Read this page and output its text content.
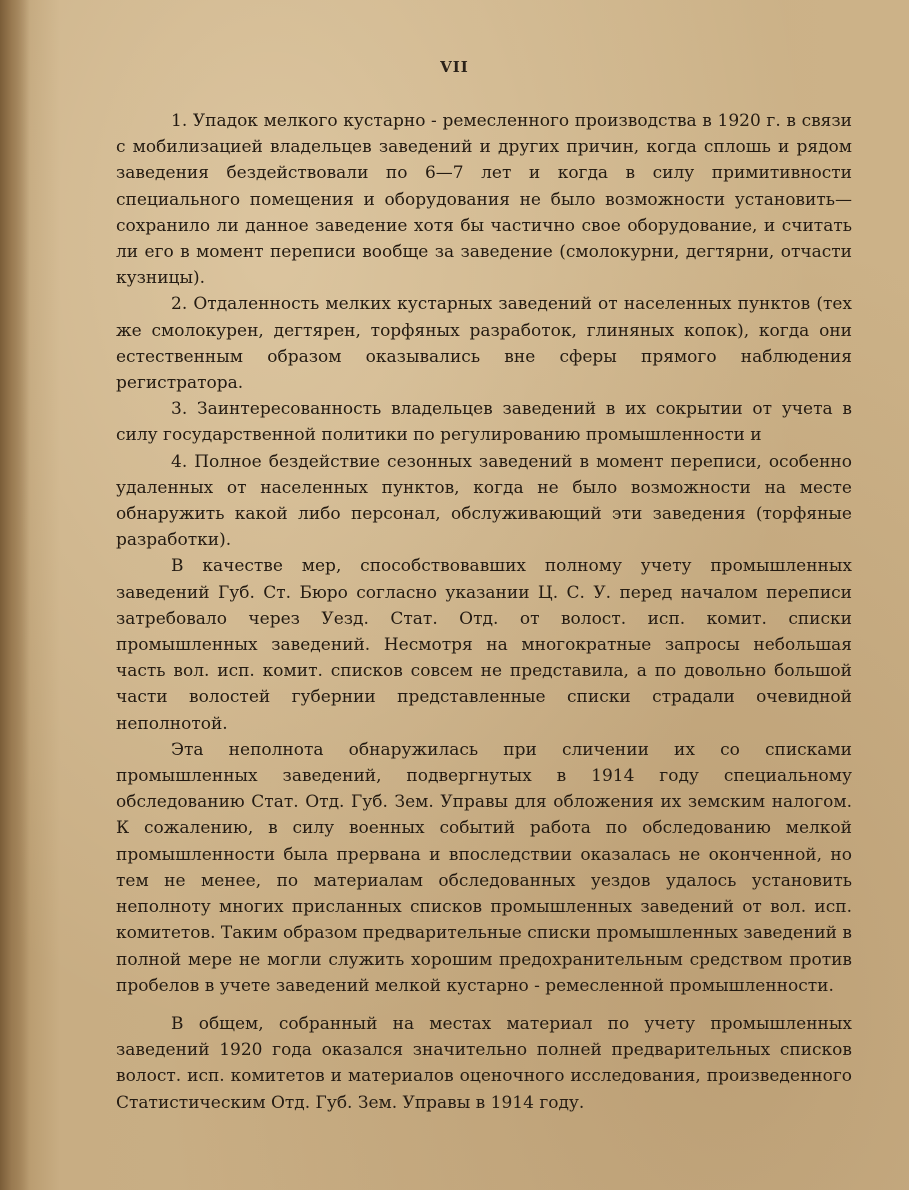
VII

1. Упадок мелкого кустарно - ремесленного производства в 1920 г. в связи с мобилизацией владельцев заведений и других причин, когда сплошь и рядом заведения бездействовали по 6—7 лет и когда в силу примитивности специального помещения и оборудования не было возможности установить—сохранило ли данное заведение хотя бы частично свое оборудование, и считать ли его в момент переписи вообще за заведение (смолокурни, дегтярни, отчасти кузницы).

2. Отдаленность мелких кустарных заведений от населенных пунктов (тех же смолокурен, дегтярен, торфяных разработок, глиняных копок), когда они естественным образом оказывались вне сферы прямого наблюдения регистратора.

3. Заинтересованность владельцев заведений в их сокрытии от учета в силу государственной политики по регулированию промышленности и

4. Полное бездействие сезонных заведений в момент переписи, особенно удаленных от населенных пунктов, когда не было возможности на месте обнаружить какой либо персонал, обслуживающий эти заведения (торфяные разработки).

В качестве мер, способствовавших полному учету промышленных заведений Губ. Ст. Бюро согласно указании Ц. С. У. перед началом переписи затребовало через Уезд. Стат. Отд. от волост. исп. комит. списки промышленных заведений. Несмотря на многократные запросы небольшая часть вол. исп. комит. списков совсем не представила, а по довольно большой части волостей губернии представленные списки страдали очевидной неполнотой.

Эта неполнота обнаружилась при сличении их со списками промышленных заведений, подвергнутых в 1914 году специальному обследованию Стат. Отд. Губ. Зем. Управы для обложения их земским налогом. К сожалению, в силу военных событий работа по обследованию мелкой промышленности была прервана и впоследствии оказалась не оконченной, но тем не менее, по материалам обследованных уездов удалось установить неполноту многих присланных списков промышленных заведений от вол. исп. комитетов. Таким образом предварительные списки промышленных заведений в полной мере не могли служить хорошим предохранительным средством против пробелов в учете заведений мелкой кустарно - ремесленной промышленности.

В общем, собранный на местах материал по учету промышленных заведений 1920 года оказался значительно полней предварительных списков волост. исп. комитетов и материалов оценочного исследования, произведенного Статистическим Отд. Губ. Зем. Управы в 1914 году.
